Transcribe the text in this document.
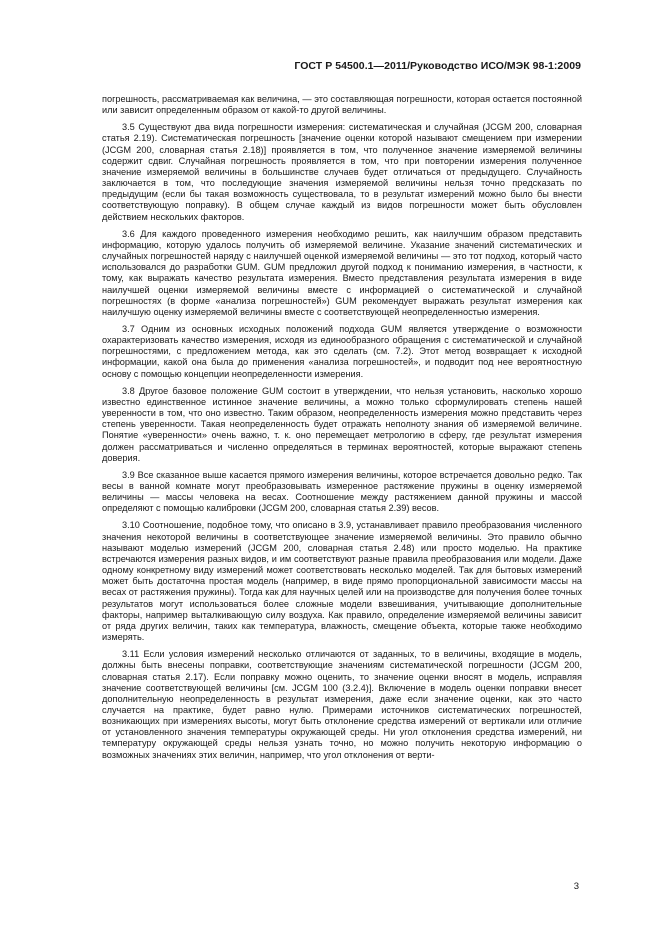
ГОСТ Р 54500.1—2011/Руководство ИСО/МЭК 98-1:2009

погрешность, рассматриваемая как величина, — это составляющая погрешности, которая остается постоянной или зависит определенным образом от какой-то другой величины.

3.5 Существуют два вида погрешности измерения: систематическая и случайная (JCGM 200, словарная статья 2.19). Систематическая погрешность [значение оценки которой называют смещением при измерении (JCGM 200, словарная статья 2.18)] проявляется в том, что полученное значение измеряемой величины содержит сдвиг. Случайная погрешность проявляется в том, что при повторении измерения полученное значение измеряемой величины в большинстве случаев будет отличаться от предыдущего. Случайность заключается в том, что последующие значения измеряемой величины нельзя точно предсказать по предыдущим (если бы такая возможность существовала, то в результат измерений можно было бы внести соответствующую поправку). В общем случае каждый из видов погрешности может быть обусловлен действием нескольких факторов.

3.6 Для каждого проведенного измерения необходимо решить, как наилучшим образом представить информацию, которую удалось получить об измеряемой величине. Указание значений систематических и случайных погрешностей наряду с наилучшей оценкой измеряемой величины — это тот подход, который часто использовался до разработки GUM. GUM предложил другой подход к пониманию измерения, в частности, к тому, как выражать качество результата измерения. Вместо представления результата измерения в виде наилучшей оценки измеряемой величины вместе с информацией о систематической и случайной погрешностях (в форме «анализа погрешностей») GUM рекомендует выражать результат измерения как наилучшую оценку измеряемой величины вместе с соответствующей неопределенностью измерения.

3.7 Одним из основных исходных положений подхода GUM является утверждение о возможности охарактеризовать качество измерения, исходя из единообразного обращения с систематической и случайной погрешностями, с предложением метода, как это сделать (см. 7.2). Этот метод возвращает к исходной информации, какой она была до применения «анализа погрешностей», и подводит под нее вероятностную основу с помощью концепции неопределенности измерения.

3.8 Другое базовое положение GUM состоит в утверждении, что нельзя установить, насколько хорошо известно единственное истинное значение величины, а можно только сформулировать степень нашей уверенности в том, что оно известно. Таким образом, неопределенность измерения можно представить через степень уверенности. Такая неопределенность будет отражать неполноту знания об измеряемой величине. Понятие «уверенности» очень важно, т. к. оно перемещает метрологию в сферу, где результат измерения должен рассматриваться и численно определяться в терминах вероятностей, которые выражают степень доверия.

3.9 Все сказанное выше касается прямого измерения величины, которое встречается довольно редко. Так весы в ванной комнате могут преобразовывать измеренное растяжение пружины в оценку измеряемой величины — массы человека на весах. Соотношение между растяжением данной пружины и массой определяют с помощью калибровки (JCGM 200, словарная статья 2.39) весов.

3.10 Соотношение, подобное тому, что описано в 3.9, устанавливает правило преобразования численного значения некоторой величины в соответствующее значение измеряемой величины. Это правило обычно называют моделью измерений (JCGM 200, словарная статья 2.48) или просто моделью. На практике встречаются измерения разных видов, и им соответствуют разные правила преобразования или модели. Даже одному конкретному виду измерений может соответствовать несколько моделей. Так для бытовых измерений может быть достаточна простая модель (например, в виде прямо пропорциональной зависимости массы на весах от растяжения пружины). Тогда как для научных целей или на производстве для получения более точных результатов могут использоваться более сложные модели взвешивания, учитывающие дополнительные факторы, например выталкивающую силу воздуха. Как правило, определение измеряемой величины зависит от ряда других величин, таких как температура, влажность, смещение объекта, которые также необходимо измерять.

3.11 Если условия измерений несколько отличаются от заданных, то в величины, входящие в модель, должны быть внесены поправки, соответствующие значениям систематической погрешности (JCGM 200, словарная статья 2.17). Если поправку можно оценить, то значение оценки вносят в модель, исправляя значение соответствующей величины [см. JCGM 100 (3.2.4)]. Включение в модель оценки поправки внесет дополнительную неопределенность в результат измерения, даже если значение оценки, как это часто случается на практике, будет равно нулю. Примерами источников систематических погрешностей, возникающих при измерениях высоты, могут быть отклонение средства измерений от вертикали или отличие от установленного значения температуры окружающей среды. Ни угол отклонения средства измерений, ни температуру окружающей среды нельзя узнать точно, но можно получить некоторую информацию о возможных значениях этих величин, например, что угол отклонения от верти-

3
